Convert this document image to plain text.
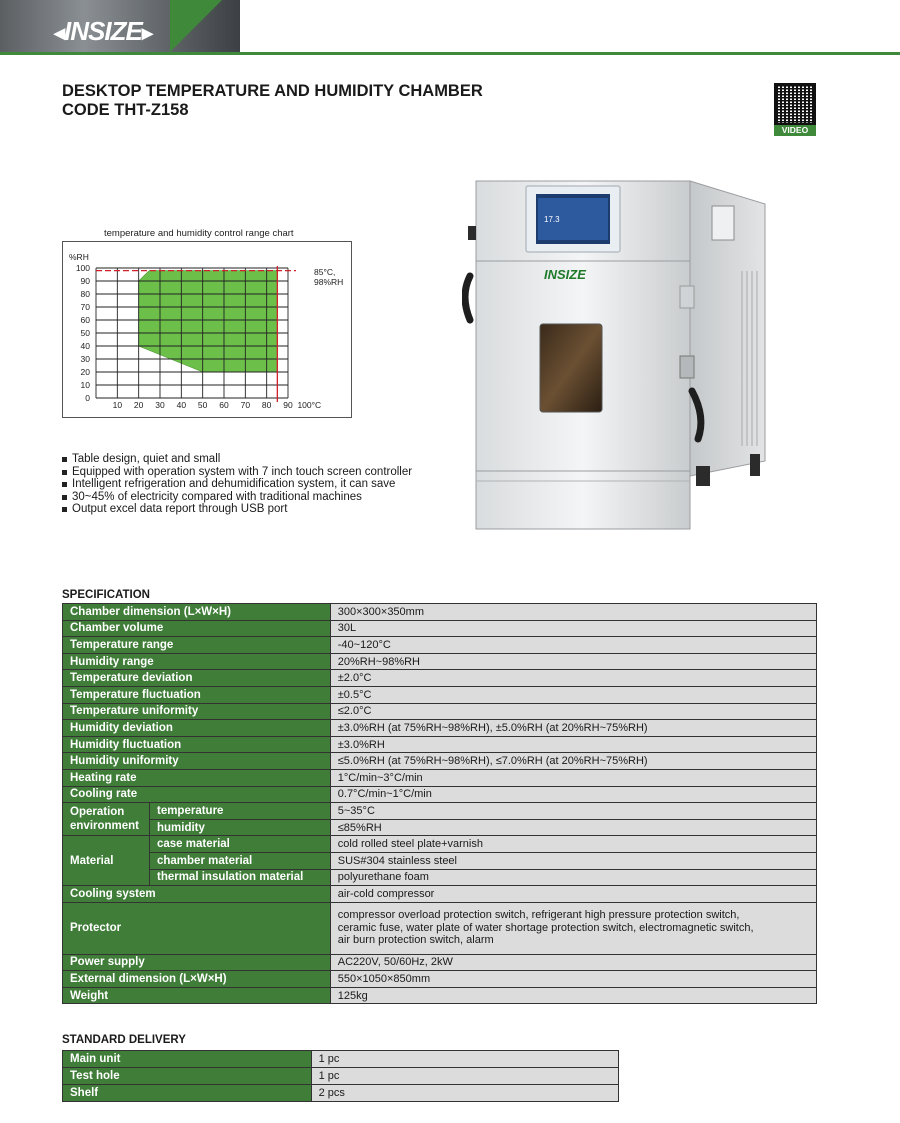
◂INSIZE▸
DESKTOP TEMPERATURE AND HUMIDITY CHAMBER
CODE THT-Z158
VIDEO
temperature and humidity control range chart
0
10
20
30
40
50
60
70
80
90
100
10 20 30 40 50 60 70 80 90 100°C
%RH
85°C,
98%RH
17.3
INSIZE
Table design, quiet and small
Equipped with operation system with 7 inch touch screen controller
Intelligent refrigeration and dehumidification system, it can save
30~45% of electricity compared with traditional machines
Output excel data report through USB port
SPECIFICATION
Chamber dimension (L×W×H)		300×300×350mm
Chamber volume		30L
Temperature range		-40~120°C
Humidity range		20%RH~98%RH
Temperature deviation		±2.0°C
Temperature fluctuation		±0.5°C
Temperature uniformity		≤2.0°C
Humidity deviation		±3.0%RH (at 75%RH~98%RH), ±5.0%RH (at 20%RH~75%RH)
Humidity fluctuation		±3.0%RH
Humidity uniformity		≤5.0%RH (at 75%RH~98%RH), ≤7.0%RH (at 20%RH~75%RH)
Heating rate		1°C/min~3°C/min
Cooling rate		0.7°C/min~1°C/min

Operation
environment	temperature	5~35°C
	humidity	≤85%RH
Material	case material	cold rolled steel plate+varnish
	chamber material	SUS#304 stainless steel
	thermal insulation material	polyurethane foam
Cooling system		air-cold compressor
Protector		compressor overload protection switch, refrigerant high pressure protection switch,
ceramic fuse, water plate of water shortage protection switch, electromagnetic switch,
air burn protection switch, alarm

Power supply		AC220V, 50/60Hz, 2kW
External dimension (L×W×H)		550×1050×850mm
Weight		125kg
STANDARD DELIVERY
Main unit	1 pc
Test hole	1 pc
Shelf	2 pcs
